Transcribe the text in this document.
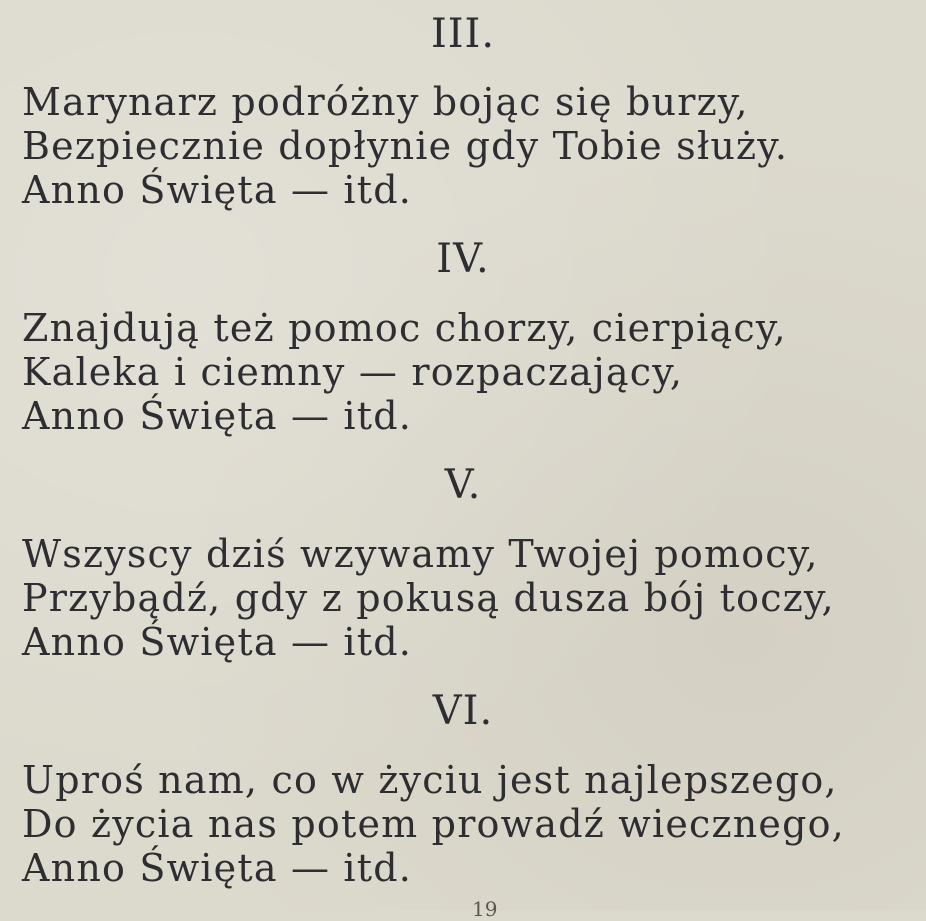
III.
Marynarz podróżny bojąc się burzy,
Bezpiecznie dopłynie gdy Tobie służy.
Anno Święta — itd.
IV.
Znajdują też pomoc chorzy, cierpiący,
Kaleka i ciemny — rozpaczający,
Anno Święta — itd.
V.
Wszyscy dziś wzywamy Twojej pomocy,
Przybądź, gdy z pokusą dusza bój toczy,
Anno Święta — itd.
VI.
Uproś nam, co w życiu jest najlepszego,
Do życia nas potem prowadź wiecznego,
Anno Święta — itd.
19
